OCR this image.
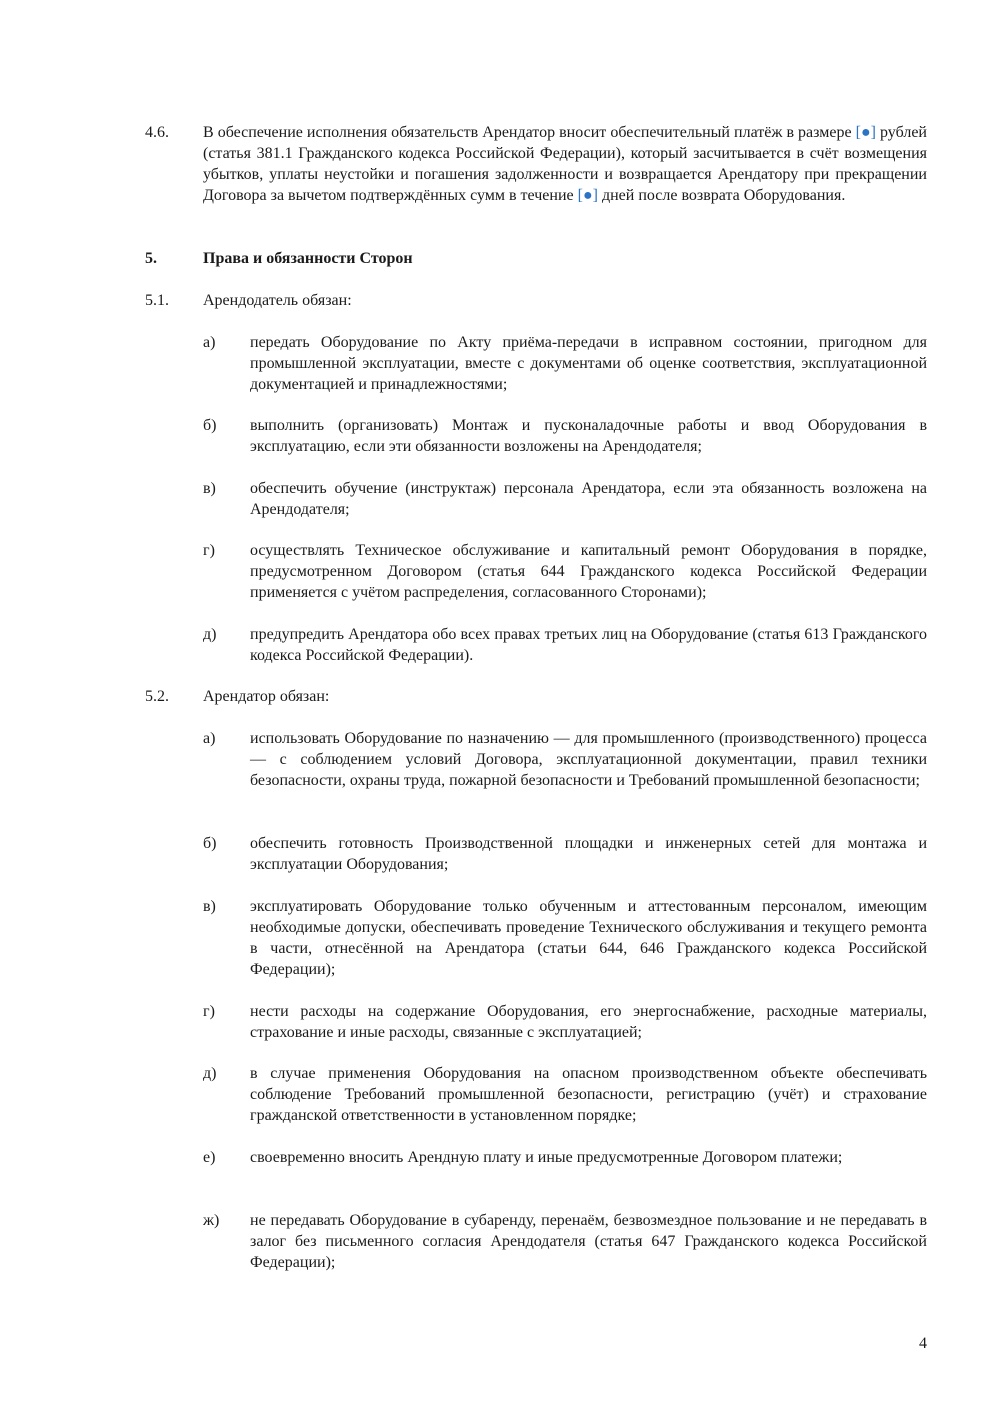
4.6.	В обеспечение исполнения обязательств Арендатор вносит обеспечительный платёж в размере [●] рублей (статья 381.1 Гражданского кодекса Российской Федерации), который засчитывается в счёт возмещения убытков, уплаты неустойки и погашения задолженности и возвращается Арендатору при прекращении Договора за вычетом подтверждённых сумм в течение [●] дней после возврата Оборудования.
5.	Права и обязанности Сторон
5.1.	Арендодатель обязан:
а)	передать Оборудование по Акту приёма-передачи в исправном состоянии, пригодном для промышленной эксплуатации, вместе с документами об оценке соответствия, эксплуатационной документацией и принадлежностями;
б)	выполнить (организовать) Монтаж и пусконаладочные работы и ввод Оборудования в эксплуатацию, если эти обязанности возложены на Арендодателя;
в)	обеспечить обучение (инструктаж) персонала Арендатора, если эта обязанность возложена на Арендодателя;
г)	осуществлять Техническое обслуживание и капитальный ремонт Оборудования в порядке, предусмотренном Договором (статья 644 Гражданского кодекса Российской Федерации применяется с учётом распределения, согласованного Сторонами);
д)	предупредить Арендатора обо всех правах третьих лиц на Оборудование (статья 613 Гражданского кодекса Российской Федерации).
5.2.	Арендатор обязан:
а)	использовать Оборудование по назначению — для промышленного (производственного) процесса — с соблюдением условий Договора, эксплуатационной документации, правил техники безопасности, охраны труда, пожарной безопасности и Требований промышленной безопасности;
б)	обеспечить готовность Производственной площадки и инженерных сетей для монтажа и эксплуатации Оборудования;
в)	эксплуатировать Оборудование только обученным и аттестованным персоналом, имеющим необходимые допуски, обеспечивать проведение Технического обслуживания и текущего ремонта в части, отнесённой на Арендатора (статьи 644, 646 Гражданского кодекса Российской Федерации);
г)	нести расходы на содержание Оборудования, его энергоснабжение, расходные материалы, страхование и иные расходы, связанные с эксплуатацией;
д)	в случае применения Оборудования на опасном производственном объекте обеспечивать соблюдение Требований промышленной безопасности, регистрацию (учёт) и страхование гражданской ответственности в установленном порядке;
е)	своевременно вносить Арендную плату и иные предусмотренные Договором платежи;
ж)	не передавать Оборудование в субаренду, перенаём, безвозмездное пользование и не передавать в залог без письменного согласия Арендодателя (статья 647 Гражданского кодекса Российской Федерации);
4
